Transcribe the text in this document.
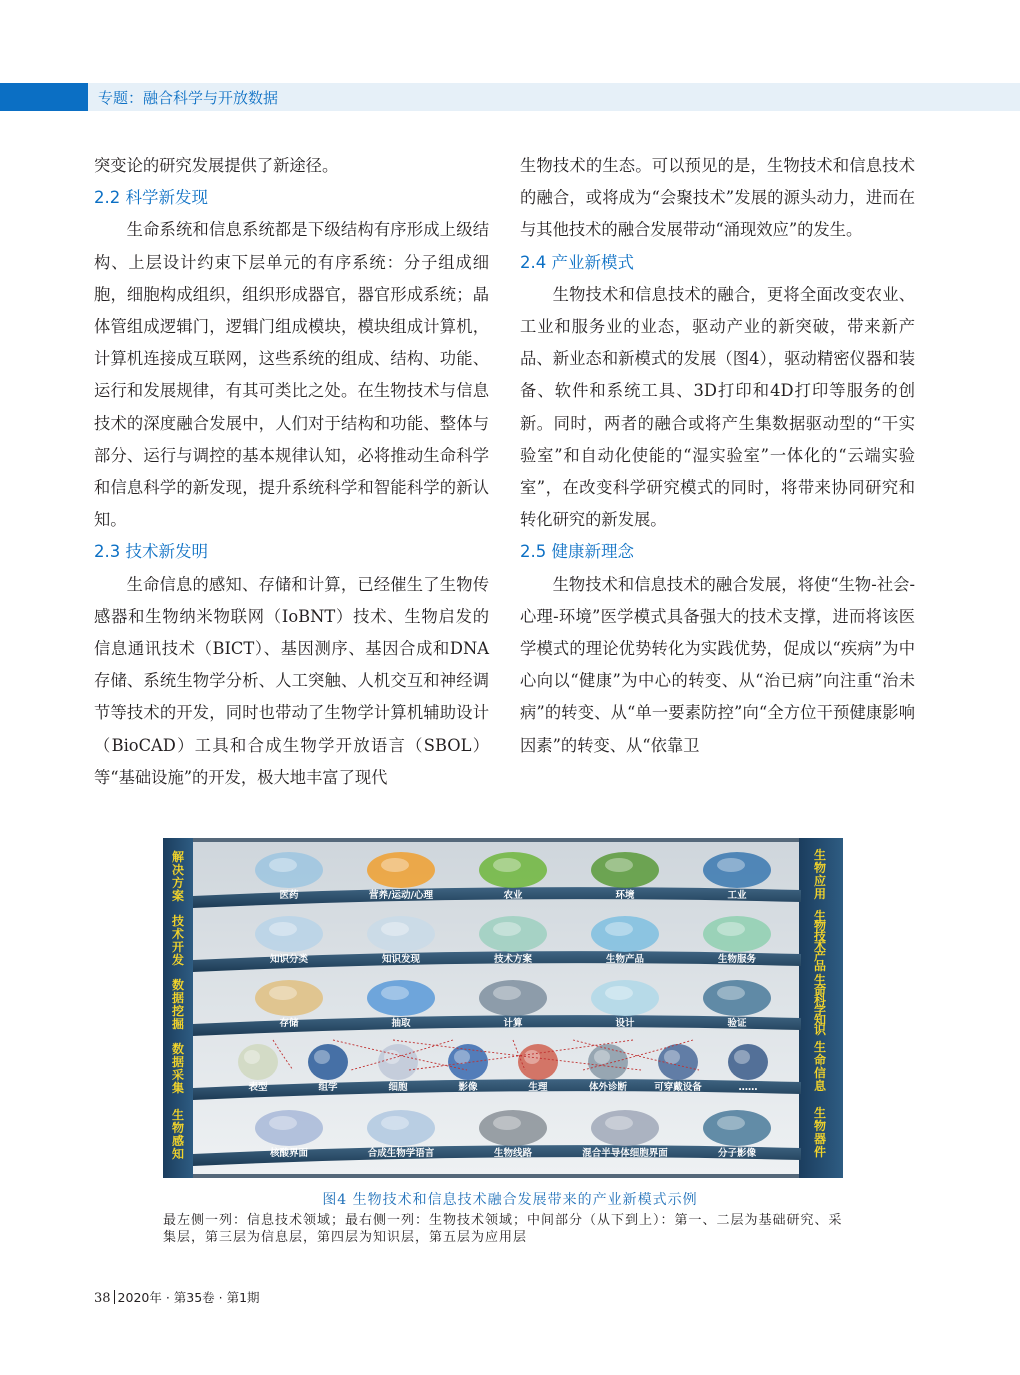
专题：融合科学与开放数据

突变论的研究发展提供了新途径。

2.2 科学新发现

生命系统和信息系统都是下级结构有序形成上级结构、上层设计约束下层单元的有序系统：分子组成细胞，细胞构成组织，组织形成器官，器官形成系统；晶体管组成逻辑门，逻辑门组成模块，模块组成计算机，计算机连接成互联网，这些系统的组成、结构、功能、运行和发展规律，有其可类比之处。在生物技术与信息技术的深度融合发展中，人们对于结构和功能、整体与部分、运行与调控的基本规律认知，必将推动生命科学和信息科学的新发现，提升系统科学和智能科学的新认知。

2.3 技术新发明

生命信息的感知、存储和计算，已经催生了生物传感器和生物纳米物联网（IoBNT）技术、生物启发的信息通讯技术（BICT）、基因测序、基因合成和DNA存储、系统生物学分析、人工突触、人机交互和神经调节等技术的开发，同时也带动了生物学计算机辅助设计（BioCAD）工具和合成生物学开放语言（SBOL）等“基础设施”的开发，极大地丰富了现代

生物技术的生态。可以预见的是，生物技术和信息技术的融合，或将成为“会聚技术”发展的源头动力，进而在与其他技术的融合发展带动“涌现效应”的发生。

2.4 产业新模式

生物技术和信息技术的融合，更将全面改变农业、工业和服务业的业态，驱动产业的新突破，带来新产品、新业态和新模式的发展（图4），驱动精密仪器和装备、软件和系统工具、3D打印和4D打印等服务的创新。同时，两者的融合或将产生集数据驱动型的“干实验室”和自动化使能的“湿实验室”一体化的“云端实验室”，在改变科学研究模式的同时，将带来协同研究和转化研究的新发展。

2.5 健康新理念

生物技术和信息技术的融合发展，将使“生物-社会-心理-环境”医学模式具备强大的技术支撑，进而将该医学模式的理论优势转化为实践优势，促成以“疾病”为中心向以“健康”为中心的转变、从“治已病”向注重“治未病”的转变、从“单一要素防控”向“全方位干预健康影响因素”的转变、从“依靠卫

医药	营养/运动/心理	农业	环境	工业
知识分类	知识发现	技术方案	生物产品	生物服务
存储	抽取	计算	设计	验证
表型	组学	细胞	影像	生理	体外诊断	可穿戴设备	……
核酸界面	合成生物学语言	生物线路	混合半导体细胞界面	分子影像
解决方案
技术开发
数据挖掘
数据采集
生物感知
生物应用
生物技术产品
生命科学知识
生命信息
生物器件
图4 生物技术和信息技术融合发展带来的产业新模式示例
最左侧一列：信息技术领域；最右侧一列：生物技术领域；中间部分（从下到上）：第一、二层为基础研究、采集层，第三层为信息层，第四层为知识层，第五层为应用层
38 2020年 · 第35卷 · 第1期
